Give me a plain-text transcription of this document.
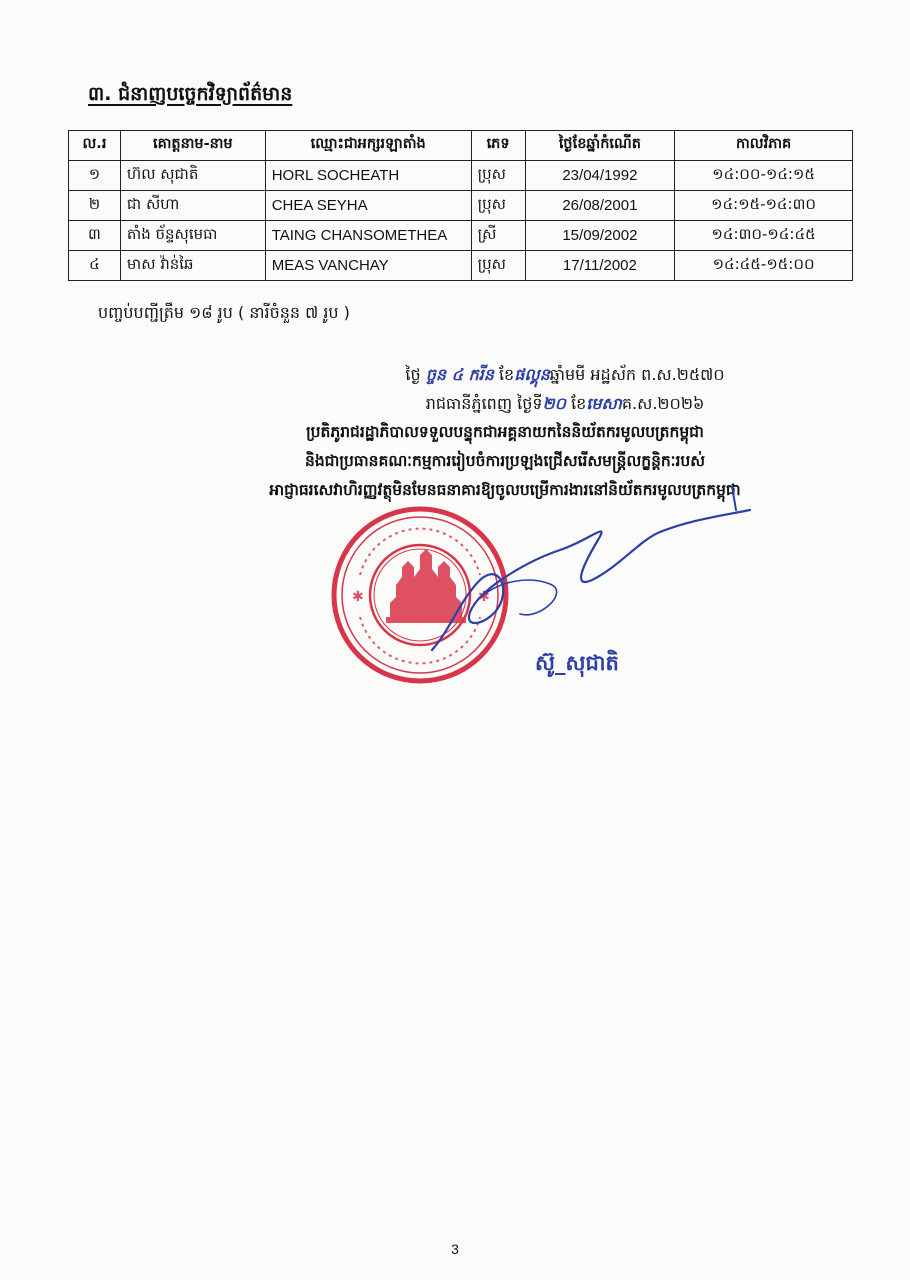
៣. ជំនាញបច្ចេកវិទ្យាព័ត៌មាន
ល.រ	គោត្តនាម-នាម	ឈ្មោះជាអក្សរឡាតាំង	ភេទ	ថ្ងៃខែឆ្នាំកំណើត	កាលវិភាគ
១	ហ៊ល សុជាតិ	HORL SOCHEATH	ប្រុស	23/04/1992	១៤:០០-១៤:១៥
២	ជា សីហា	CHEA SEYHA	ប្រុស	26/08/2001	១៤:១៥-១៤:៣០
៣	តាំង ច័ន្ទសុមេធា	TAING CHANSOMETHEA	ស្រី	15/09/2002	១៤:៣០-១៤:៤៥
៤	មាស វ៉ាន់ឆៃ	MEAS VANCHAY	ប្រុស	17/11/2002	១៤:៤៥-១៥:០០
បញ្ចប់បញ្ជីត្រឹម ១៨ រូប ( នារីចំនួន ៧ រូប )
ថ្ងៃ ច្ចន ៤ ករីន ខែផល្គុនឆ្នាំមមី អដ្ឋស័ក ព.ស.២៥៧០
រាជធានីភ្នំពេញ ថ្ងៃទី២០ ខែមេសាគ.ស.២០២៦
ប្រតិភូរាជរដ្ឋាភិបាលទទួលបន្ទុកជាអគ្គនាយកនៃនិយ័តករមូលបត្រកម្ពុជា
និងជាប្រធានគណៈកម្មការរៀបចំការប្រឡងជ្រើសរើសមន្ត្រីលក្ខន្តិកៈរបស់
អាជ្ញាធរសេវាហិរញ្ញវត្ថុមិនមែនធនាគារឱ្យចូលបម្រើការងារនៅនិយ័តករមូលបត្រកម្ពុជា
✱	✱
ស៊ូ_សុជាតិ
3
